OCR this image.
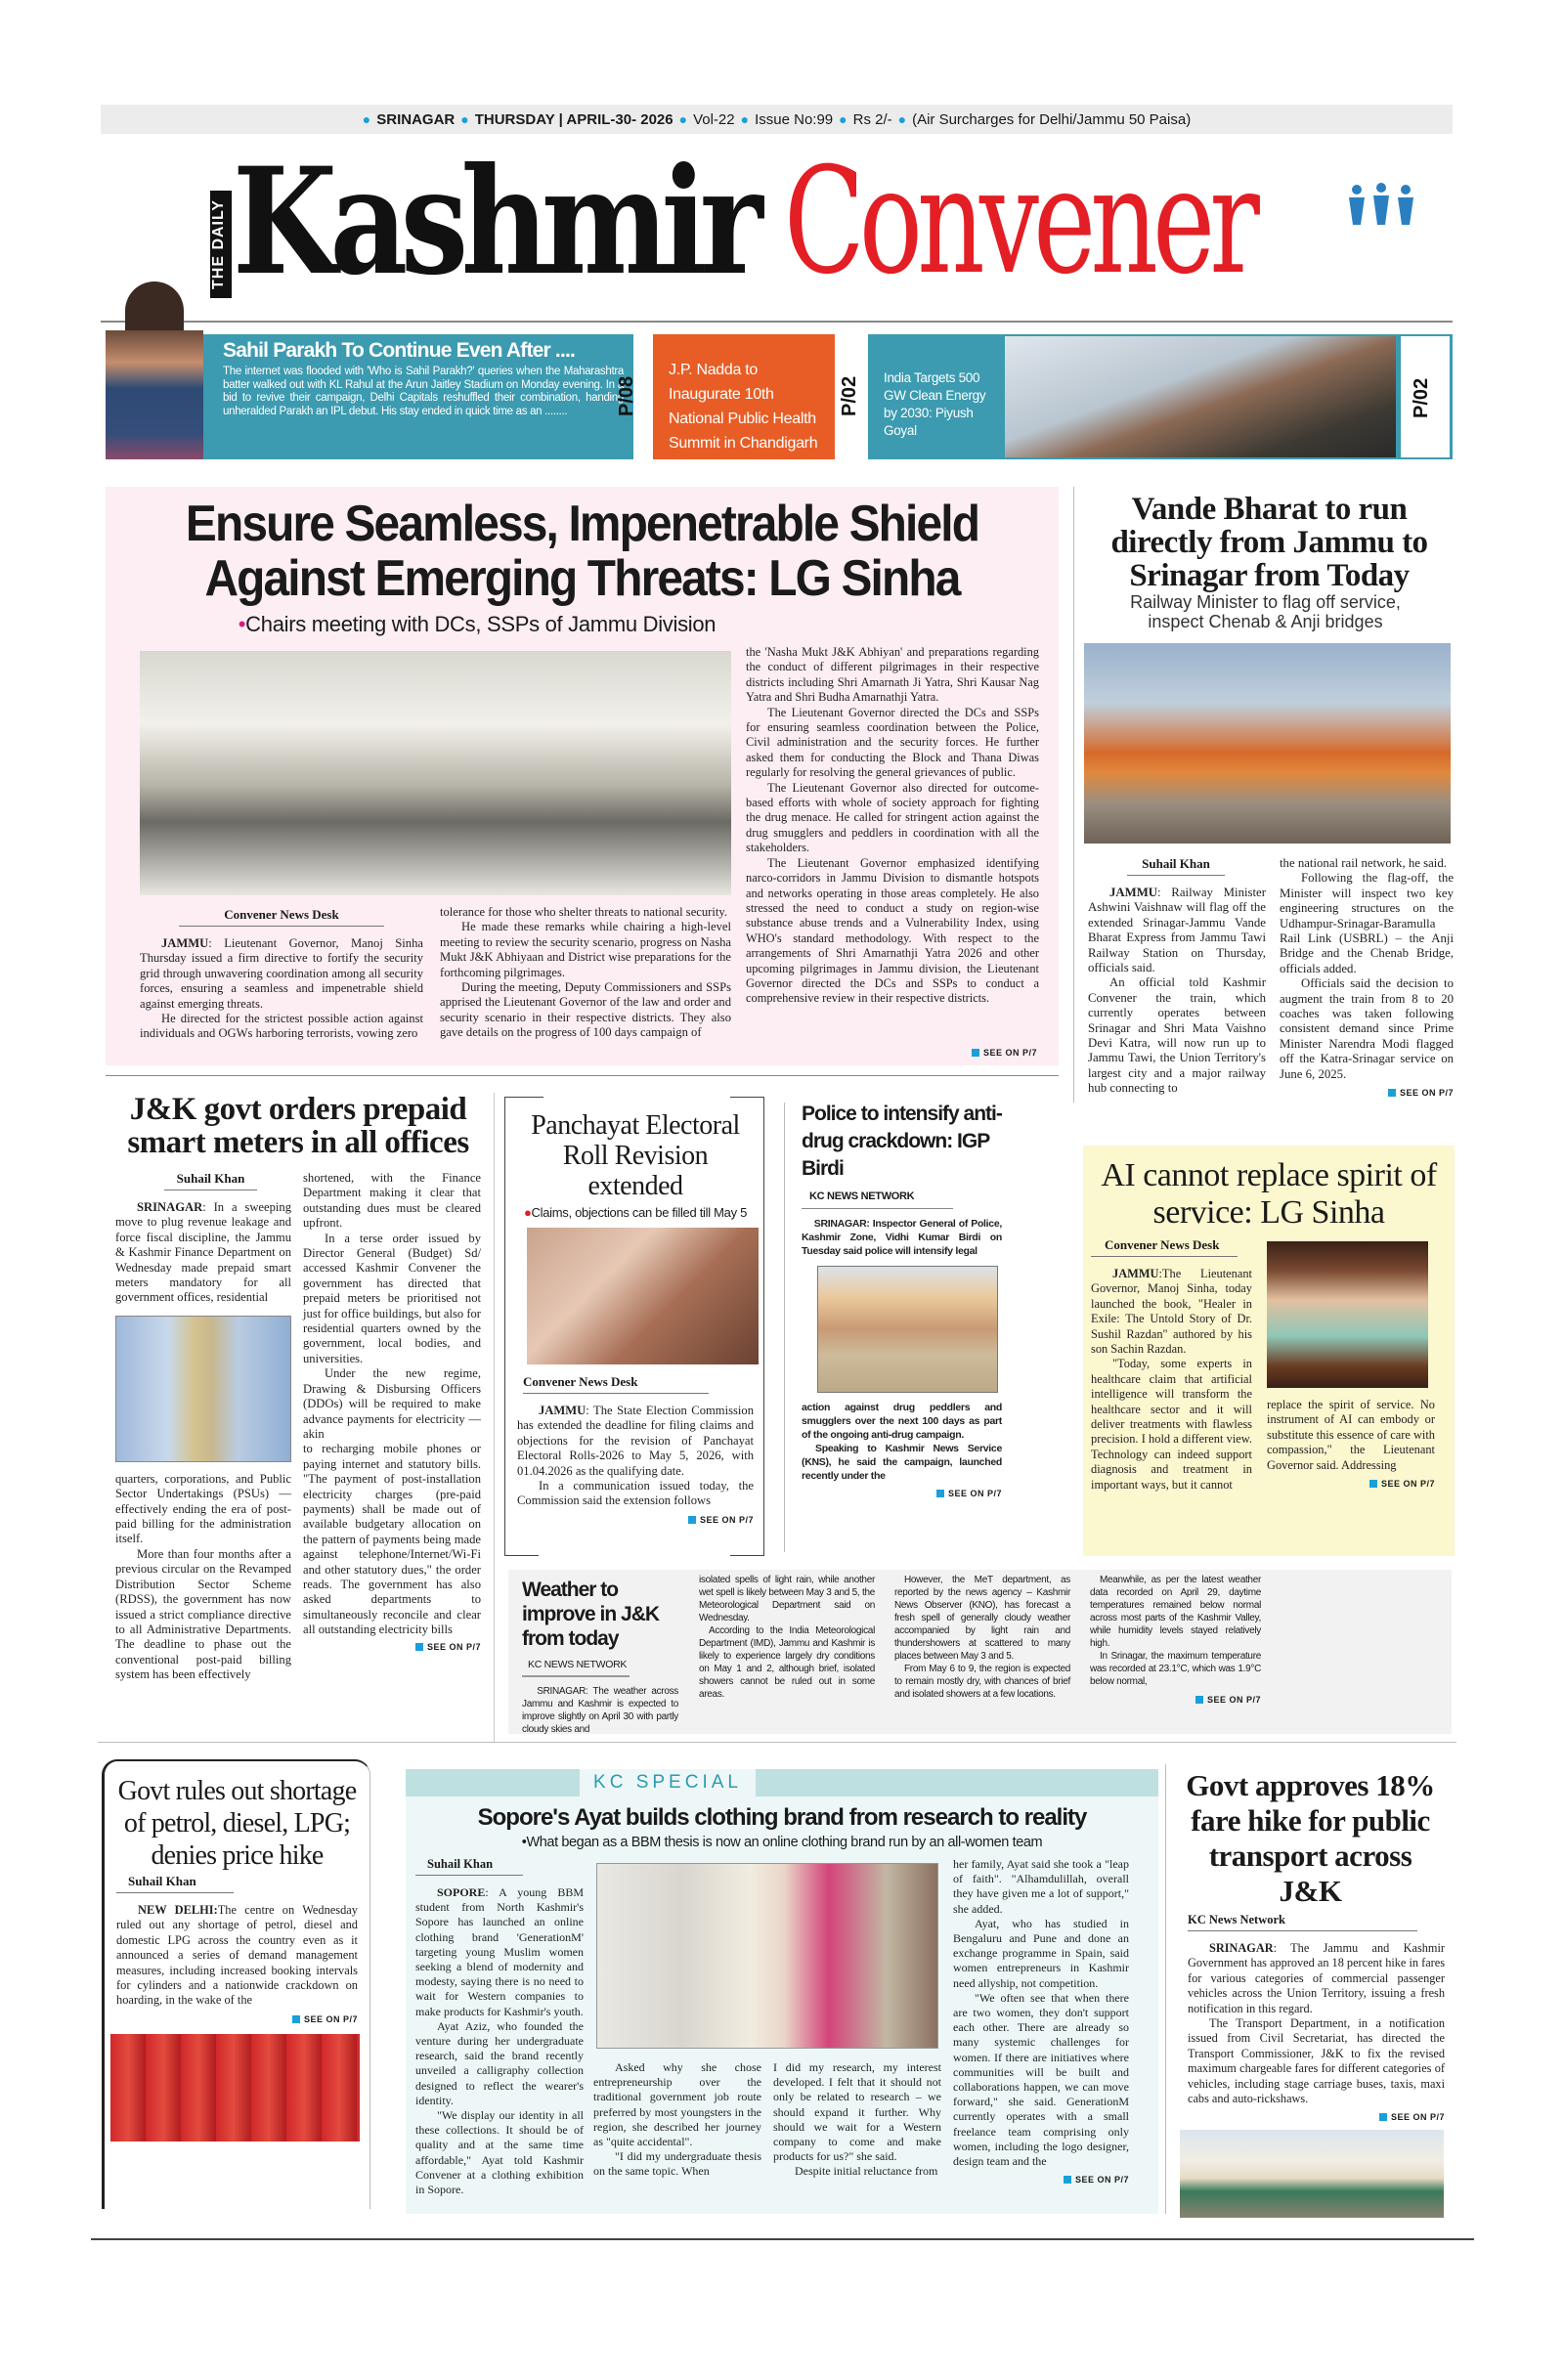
● SRINAGAR ● THURSDAY | APRIL-30- 2026 ● Vol-22 ● Issue No:99 ● Rs 2/- ● (Air Surcharges for Delhi/Jammu 50 Paisa)
THE DAILY Kashmir Convener
Sahil Parakh To Continue Even After ....
The internet was flooded with 'Who is Sahil Parakh?' queries when the Maharashtra batter walked out with KL Rahul at the Arun Jaitley Stadium on Monday evening. In a bid to revive their campaign, Delhi Capitals reshuffled their combination, handing unheralded Parakh an IPL debut. His stay ended in quick time as an ........	P/08
J.P. Nadda to Inaugurate 10th National Public Health Summit in Chandigarh
P/02	India Targets 500 GW Clean Energy by 2030: Piyush Goyal
P/02
Ensure Seamless, Impenetrable Shield
Against Emerging Threats: LG Sinha
•Chairs meeting with DCs, SSPs of Jammu Division
Convener News Desk

JAMMU: Lieutenant Governor, Manoj Sinha Thursday issued a firm directive to fortify the security grid through unwavering coordination among all security forces, ensuring a seamless and impenetrable shield against emerging threats.

He directed for the strictest possible action against individuals and OGWs harboring terrorists, vowing zero

tolerance for those who shelter threats to national security.

He made these remarks while chairing a high-level meeting to review the security scenario, progress on Nasha Mukt J&K Abhiyaan and District wise preparations for the forthcoming pilgrimages.

During the meeting, Deputy Commissioners and SSPs apprised the Lieutenant Governor of the law and order and security scenario in their respective districts. They also gave details on the progress of 100 days campaign of

the 'Nasha Mukt J&K Abhiyan' and preparations regarding the conduct of different pilgrimages in their respective districts including Shri Amarnath Ji Yatra, Shri Kausar Nag Yatra and Shri Budha Amarnathji Yatra.

The Lieutenant Governor directed the DCs and SSPs for ensuring seamless coordination between the Police, Civil administration and the security forces. He further asked them for conducting the Block and Thana Diwas regularly for resolving the general grievances of public.

The Lieutenant Governor also directed for outcome-based efforts with whole of society approach for fighting the drug menace. He called for stringent action against the drug smugglers and peddlers in coordination with all the stakeholders.

The Lieutenant Governor emphasized identifying narco-corridors in Jammu Division to dismantle hotspots and networks operating in those areas completely. He also stressed the need to conduct a study on region-wise substance abuse trends and a Vulnerability Index, using WHO's standard methodology. With respect to the arrangements of Shri Amarnathji Yatra 2026 and other upcoming pilgrimages in Jammu division, the Lieutenant Governor directed the DCs and SSPs to conduct a comprehensive review in their respective districts.

SEE ON P/7
Vande Bharat to run directly from Jammu to Srinagar from Today
Railway Minister to flag off service, inspect Chenab & Anji bridges
Suhail Khan

JAMMU: Railway Minister Ashwini Vaishnaw will flag off the extended Srinagar-Jammu Vande Bharat Express from Jammu Tawi Railway Station on Thursday, officials said.

An official told Kashmir Convener the train, which currently operates between Srinagar and Shri Mata Vaishno Devi Katra, will now run up to Jammu Tawi, the Union Territory's largest city and a major railway hub connecting to

the national rail network, he said.

Following the flag-off, the Minister will inspect two key engineering structures on the Udhampur-Srinagar-Baramulla Rail Link (USBRL) – the Anji Bridge and the Chenab Bridge, officials added.

Officials said the decision to augment the train from 8 to 20 coaches was taken following consistent demand since Prime Minister Narendra Modi flagged off the Katra-Srinagar service on June 6, 2025.

SEE ON P/7
J&K govt orders prepaid smart meters in all offices
Suhail Khan

SRINAGAR: In a sweeping move to plug revenue leakage and force fiscal discipline, the Jammu & Kashmir Finance Department on Wednesday made prepaid smart meters mandatory for all government offices, residential

quarters, corporations, and Public Sector Undertakings (PSUs) — effectively ending the era of post-paid billing for the administration itself.

More than four months after a previous circular on the Revamped Distribution Sector Scheme (RDSS), the government has now issued a strict compliance directive to all Administrative Departments. The deadline to phase out the conventional post-paid billing system has been effectively

shortened, with the Finance Department making it clear that outstanding dues must be cleared upfront.

In a terse order issued by Director General (Budget) Sd/ accessed Kashmir Convener the government has directed that prepaid meters be prioritised not just for office buildings, but also for residential quarters owned by the government, local bodies, and universities.

Under the new regime, Drawing & Disbursing Officers (DDOs) will be required to make advance payments for electricity — akin

to recharging mobile phones or paying internet and statutory bills. "The payment of post-installation electricity charges (pre-paid payments) shall be made out of available budgetary allocation on the pattern of payments being made against telephone/Internet/Wi-Fi and other statutory dues," the order reads. The government has also asked departments to simultaneously reconcile and clear all outstanding electricity bills

SEE ON P/7
Panchayat Electoral Roll Revision extended
●Claims, objections can be filled till May 5
Convener News Desk

JAMMU: The State Election Commission has extended the deadline for filing claims and objections for the revision of Panchayat Electoral Rolls-2026 to May 5, 2026, with 01.04.2026 as the qualifying date.

In a communication issued today, the Commission said the extension follows

SEE ON P/7
Police to intensify anti-drug crackdown: IGP Birdi
KC NEWS NETWORK
SRINAGAR: Inspector General of Police, Kashmir Zone, Vidhi Kumar Birdi on Tuesday said police will intensify legal

action against drug peddlers and smugglers over the next 100 days as part of the ongoing anti-drug campaign.

Speaking to Kashmir News Service (KNS), he said the campaign, launched recently under the

SEE ON P/7
AI cannot replace spirit of service: LG Sinha
Convener News Desk

JAMMU:The Lieutenant Governor, Manoj Sinha, today launched the book, "Healer in Exile: The Untold Story of Dr. Sushil Razdan" authored by his son Sachin Razdan.

"Today, some experts in healthcare claim that artificial intelligence will transform the healthcare sector and it will deliver treatments with flawless precision. I hold a different view. Technology can indeed support diagnosis and treatment in important ways, but it cannot

replace the spirit of service. No instrument of AI can embody or substitute this essence of care with compassion," the Lieutenant Governor said. Addressing

SEE ON P/7
Weather to improve in J&K from today
KC NEWS NETWORK
SRINAGAR: The weather across Jammu and Kashmir is expected to improve slightly on April 30 with partly cloudy skies and

isolated spells of light rain, while another wet spell is likely between May 3 and 5, the Meteorological Department said on Wednesday.

According to the India Meteorological Department (IMD), Jammu and Kashmir is likely to experience largely dry conditions on May 1 and 2, although brief, isolated showers cannot be ruled out in some areas.

However, the MeT department, as reported by the news agency – Kashmir News Observer (KNO), has forecast a fresh spell of generally cloudy weather accompanied by light rain and thundershowers at scattered to many places between May 3 and 5.

From May 6 to 9, the region is expected to remain mostly dry, with chances of brief and isolated showers at a few locations.

Meanwhile, as per the latest weather data recorded on April 29, daytime temperatures remained below normal across most parts of the Kashmir Valley, while humidity levels stayed relatively high.

In Srinagar, the maximum temperature was recorded at 23.1°C, which was 1.9°C below normal,

SEE ON P/7
Govt rules out shortage of petrol, diesel, LPG; denies price hike
Suhail Khan

NEW DELHI:The centre on Wednesday ruled out any shortage of petrol, diesel and domestic LPG across the country even as it announced a series of demand management measures, including increased booking intervals for cylinders and a nationwide crackdown on hoarding, in the wake of the

SEE ON P/7
KC SPECIAL
Sopore's Ayat builds clothing brand from research to reality
•What began as a BBM thesis is now an online clothing brand run by an all-women team
Suhail Khan

SOPORE: A young BBM student from North Kashmir's Sopore has launched an online clothing brand 'GenerationM' targeting young Muslim women seeking a blend of modernity and modesty, saying there is no need to wait for Western companies to make products for Kashmir's youth.

Ayat Aziz, who founded the venture during her undergraduate research, said the brand recently unveiled a calligraphy collection designed to reflect the wearer's identity.

"We display our identity in all these collections. It should be of quality and at the same time affordable," Ayat told Kashmir Convener at a clothing exhibition in Sopore.

Asked why she chose entrepreneurship over the traditional government job route preferred by most youngsters in the region, she described her journey as "quite accidental".

"I did my undergraduate thesis on the same topic. When

I did my research, my interest developed. I felt that it should not only be related to research – we should expand it further. Why should we wait for a Western company to come and make products for us?" she said.

Despite initial reluctance from

her family, Ayat said she took a "leap of faith". "Alhamdulillah, overall they have given me a lot of support," she added.

Ayat, who has studied in Bengaluru and Pune and done an exchange programme in Spain, said women entrepreneurs in Kashmir need allyship, not competition.

"We often see that when there are two women, they don't support each other. There are already so many systemic challenges for women. If there are initiatives where communities will be built and collaborations happen, we can move forward," she said. GenerationM currently operates with a small freelance team comprising only women, including the logo designer, design team and the

SEE ON P/7
Govt approves 18% fare hike for public transport across J&K
KC News Network

SRINAGAR: The Jammu and Kashmir Government has approved an 18 percent hike in fares for various categories of commercial passenger vehicles across the Union Territory, issuing a fresh notification in this regard.

The Transport Department, in a notification issued from Civil Secretariat, has directed the Transport Commissioner, J&K to fix the revised maximum chargeable fares for different categories of vehicles, including stage carriage buses, taxis, maxi cabs and auto-rickshaws.

SEE ON P/7
